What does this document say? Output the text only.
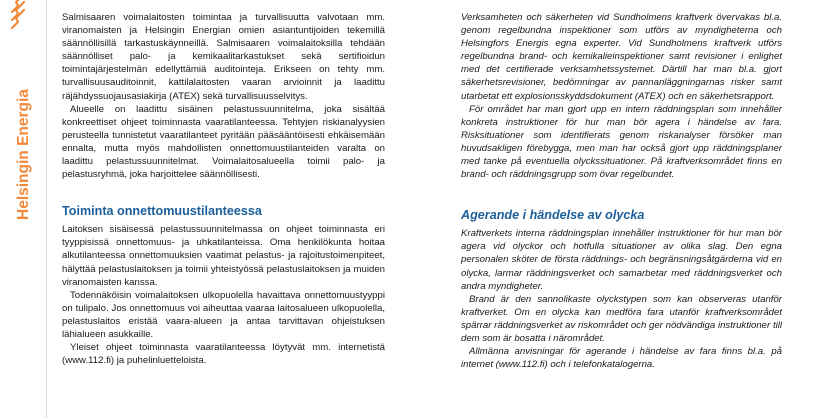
Helsingin Energia

Salmisaaren voimalaitosten toimintaa ja turvallisuutta valvotaan mm. viranomaisten ja Helsingin Energian omien asiantuntijoiden tekemillä säännöllisillä tarkastuskäynneillä. Salmisaaren voimalaitoksilla tehdään säännölliset palo- ja kemikaalitarkastukset sekä sertifioidun toimintajärjestelmän edellyttämiä auditointeja. Erikseen on tehty mm. turvallisuusauditoinnit, kattilalaitosten vaaran arvioinnit ja laadittu räjähdyssuojausasiakirja (ATEX) sekä turvallisuusselvitys.

Alueelle on laadittu sisäinen pelastussuunnitelma, joka sisältää konkreettiset ohjeet toiminnasta vaaratilanteessa. Tehtyjen riskianalyysien perusteella tunnistetut vaaratilanteet pyritään pääsääntöisesti ehkäisemään ennalta, mutta myös mahdollisten onnettomuustilanteiden varalta on laadittu pelastussuunnitelmat. Voimalaitosalueella toimii palo- ja pelastusryhmä, joka harjoittelee säännöllisesti.

Toiminta onnettomuustilanteessa

Laitoksen sisäisessä pelastussuunnitelmassa on ohjeet toiminnasta eri tyyppisissä onnettomuus- ja uhkatilanteissa. Oma henkilökunta hoitaa alkutilanteessa onnettomuuksien vaatimat pelastus- ja rajoitustoimenpiteet, hälyttää pelastuslaitoksen ja toimii yhteistyössä pelastuslaitoksen ja muiden viranomaisten kanssa.

Todennäköisin voimalaitoksen ulkopuolella havaittava onnettomuustyyppi on tulipalo. Jos onnettomuus voi aiheuttaa vaaraa laitosalueen ulkopuolella, pelastuslaitos eristää vaara-alueen ja antaa tarvittavan ohjeistuksen lähialueen asukkaille.

Yleiset ohjeet toiminnasta vaaratilanteessa löytyvät mm. internetistä (www.112.fi) ja puhelinluetteloista.

Verksamheten och säkerheten vid Sundholmens kraftverk övervakas bl.a. genom regelbundna inspektioner som utförs av myndigheterna och Helsingfors Energis egna experter. Vid Sundholmens kraftverk utförs regelbundna brand- och kemikalieinspektioner samt revisioner i enlighet med det certifierade verksamhetssystemet. Därtill har man bl.a. gjort säkerhetsrevisioner, bedömningar av pannanläggningarnas risker samt utarbetat ett explosionsskyddsdokument (ATEX) och en säkerhetsrapport.

För området har man gjort upp en intern räddningsplan som innehåller konkreta instruktioner för hur man bör agera i händelse av fara. Risksituationer som identifierats genom riskanalyser försöker man huvudsakligen förebygga, men man har också gjort upp räddningsplaner med tanke på eventuella olyckssituationer. På kraftverksområdet finns en brand- och räddningsgrupp som övar regelbundet.

Agerande i händelse av olycka

Kraftverkets interna räddningsplan innehåller instruktioner för hur man bör agera vid olyckor och hotfulla situationer av olika slag. Den egna personalen sköter de första räddnings- och begränsningsåtgärderna vid en olycka, larmar räddningsverket och samarbetar med räddningsverket och andra myndigheter.

Brand är den sannolikaste olyckstypen som kan observeras utanför kraftverket. Om en olycka kan medföra fara utanför kraftverksområdet spärrar räddningsverket av riskområdet och ger nödvändiga instruktioner till dem som är bosatta i närområdet.

Allmänna anvisningar för agerande i händelse av fara finns bl.a. på internet (www.112.fi) och i telefonkatalogerna.
